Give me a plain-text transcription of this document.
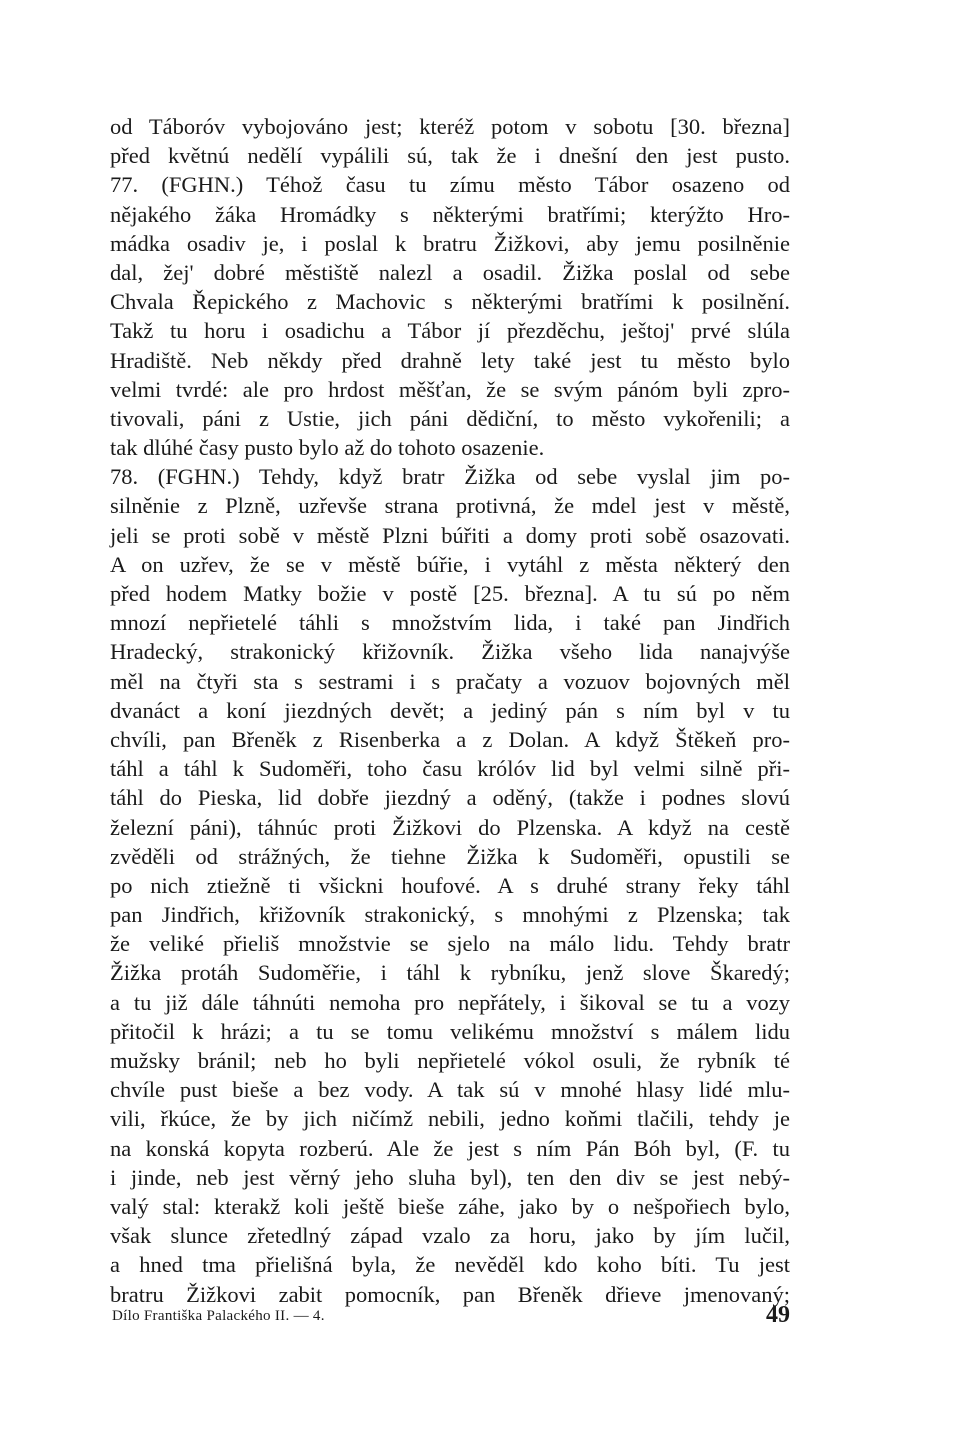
od Táboróv vybojováno jest; kteréž potom v sobotu [30. března]
před květnú nedělí vypálili sú, tak že i dnešní den jest pusto.
77. (FGHN.) Téhož času tu zímu město Tábor osazeno od
nějakého žáka Hromádky s některými bratřími; kterýžto Hro-
mádka osadiv je, i poslal k bratru Žižkovi, aby jemu posilněnie
dal, žej' dobré městiště nalezl a osadil. Žižka poslal od sebe
Chvala Řepického z Machovic s některými bratřími k posilnění.
Takž tu horu i osadichu a Tábor jí přezděchu, ještoj' prvé slúla
Hradiště. Neb někdy před drahně lety také jest tu město bylo
velmi tvrdé: ale pro hrdost měšťan, že se svým pánóm byli zpro-
tivovali, páni z Ustie, jich páni dědiční, to město vykořenili; a
tak dlúhé časy pusto bylo až do tohoto osazenie.
78. (FGHN.) Tehdy, když bratr Žižka od sebe vyslal jim po-
silněnie z Plzně, uzřevše strana protivná, že mdel jest v městě,
jeli se proti sobě v městě Plzni búřiti a domy proti sobě osazovati.
A on uzřev, že se v městě búřie, i vytáhl z města některý den
před hodem Matky božie v postě [25. března]. A tu sú po něm
mnozí nepřietelé táhli s množstvím lida, i také pan Jindřich
Hradecký, strakonický křižovník. Žižka všeho lida nanajvýše
měl na čtyři sta s sestrami i s pračaty a vozuov bojovných měl
dvanáct a koní jiezdných devět; a jediný pán s ním byl v tu
chvíli, pan Břeněk z Risenberka a z Dolan. A když Štěkeň pro-
táhl a táhl k Sudoměři, toho času królóv lid byl velmi silně při-
táhl do Pieska, lid dobře jiezdný a oděný, (takže i podnes slovú
železní páni), táhnúc proti Žižkovi do Plzenska. A když na cestě
zvěděli od strážných, že tiehne Žižka k Sudoměři, opustili se
po nich ztiežně ti všickni houfové. A s druhé strany řeky táhl
pan Jindřich, křižovník strakonický, s mnohými z Plzenska; tak
že veliké přieliš množstvie se sjelo na málo lidu. Tehdy bratr
Žižka protáh Sudoměřie, i táhl k rybníku, jenž slove Škaredý;
a tu již dále táhnúti nemoha pro nepřátely, i šikoval se tu a vozy
přitočil k hrázi; a tu se tomu velikému množství s málem lidu
mužsky bránil; neb ho byli nepřietelé vókol osuli, že rybník té
chvíle pust bieše a bez vody. A tak sú v mnohé hlasy lidé mlu-
vili, řkúce, že by jich ničímž nebili, jedno koňmi tlačili, tehdy je
na konská kopyta rozberú. Ale že jest s ním Pán Bóh byl, (F. tu
i jinde, neb jest věrný jeho sluha byl), ten den div se jest nebý-
valý stal: kterakž koli ještě bieše záhe, jako by o nešpořiech bylo,
však slunce zřetedlný západ vzalo za horu, jako by jím lučil,
a hned tma přielišná byla, že nevěděl kdo koho bíti. Tu jest
bratru Žižkovi zabit pomocník, pan Břeněk dřieve jmenovaný;
Dílo Františka Palackého II. — 4.	49
